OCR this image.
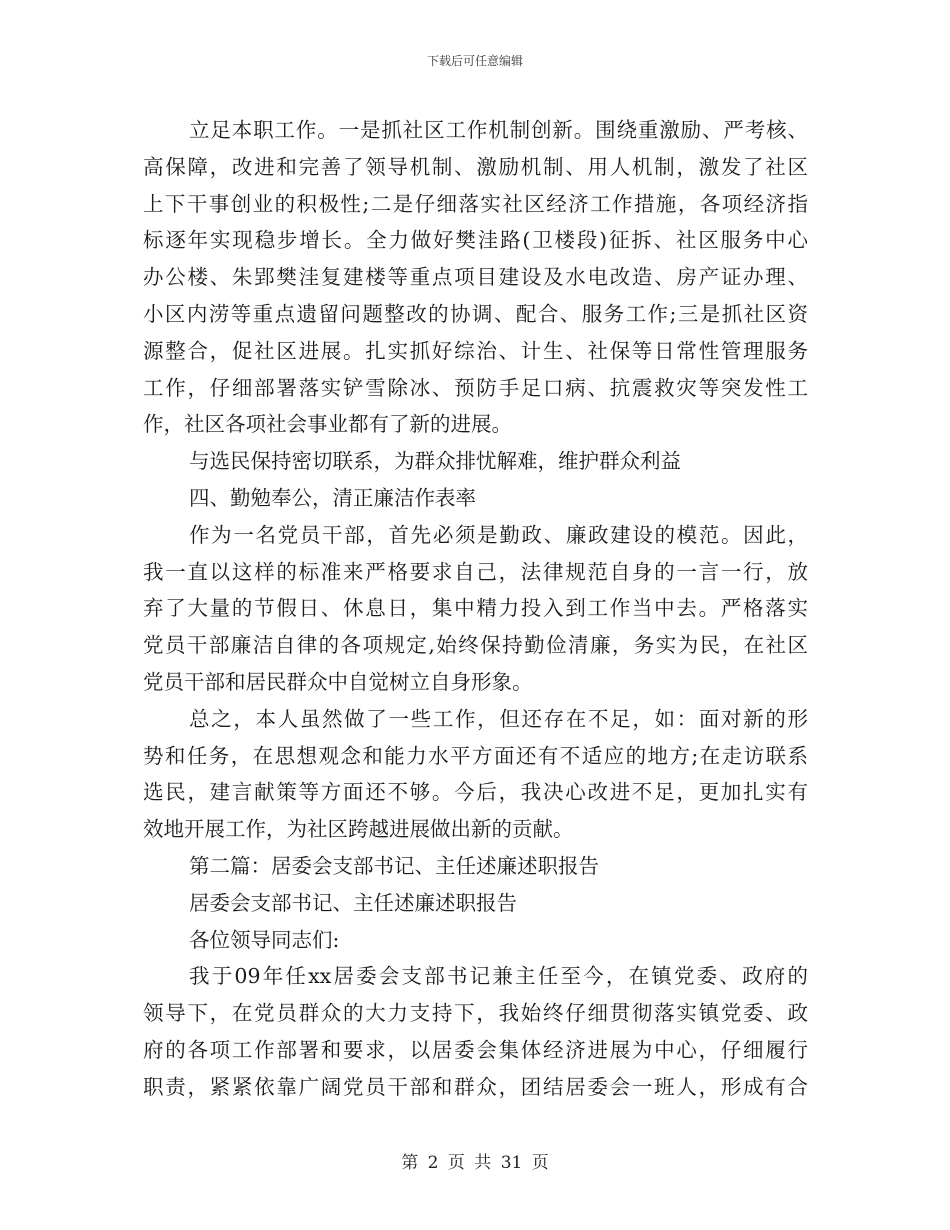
下载后可任意编辑
立足本职工作。一是抓社区工作机制创新。围绕重激励、严考核、
高保障，改进和完善了领导机制、激励机制、用人机制，激发了社区
上下干事创业的积极性;二是仔细落实社区经济工作措施，各项经济指
标逐年实现稳步增长。全力做好樊洼路(卫楼段)征拆、社区服务中心
办公楼、朱郢樊洼复建楼等重点项目建设及水电改造、房产证办理、
小区内涝等重点遗留问题整改的协调、配合、服务工作;三是抓社区资
源整合，促社区进展。扎实抓好综治、计生、社保等日常性管理服务
工作，仔细部署落实铲雪除冰、预防手足口病、抗震救灾等突发性工
作，社区各项社会事业都有了新的进展。
与选民保持密切联系，为群众排忧解难，维护群众利益
四、勤勉奉公，清正廉洁作表率
作为一名党员干部，首先必须是勤政、廉政建设的模范。因此，
我一直以这样的标准来严格要求自己，法律规范自身的一言一行，放
弃了大量的节假日、休息日，集中精力投入到工作当中去。严格落实
党员干部廉洁自律的各项规定,始终保持勤俭清廉，务实为民，在社区
党员干部和居民群众中自觉树立自身形象。
总之，本人虽然做了一些工作，但还存在不足，如：面对新的形
势和任务，在思想观念和能力水平方面还有不适应的地方;在走访联系
选民，建言献策等方面还不够。今后，我决心改进不足，更加扎实有
效地开展工作，为社区跨越进展做出新的贡献。
第二篇：居委会支部书记、主任述廉述职报告
居委会支部书记、主任述廉述职报告
各位领导同志们:
我于09年任xx居委会支部书记兼主任至今，在镇党委、政府的
领导下，在党员群众的大力支持下，我始终仔细贯彻落实镇党委、政
府的各项工作部署和要求，以居委会集体经济进展为中心，仔细履行
职责，紧紧依靠广阔党员干部和群众，团结居委会一班人，形成有合
第 2 页 共 31 页
